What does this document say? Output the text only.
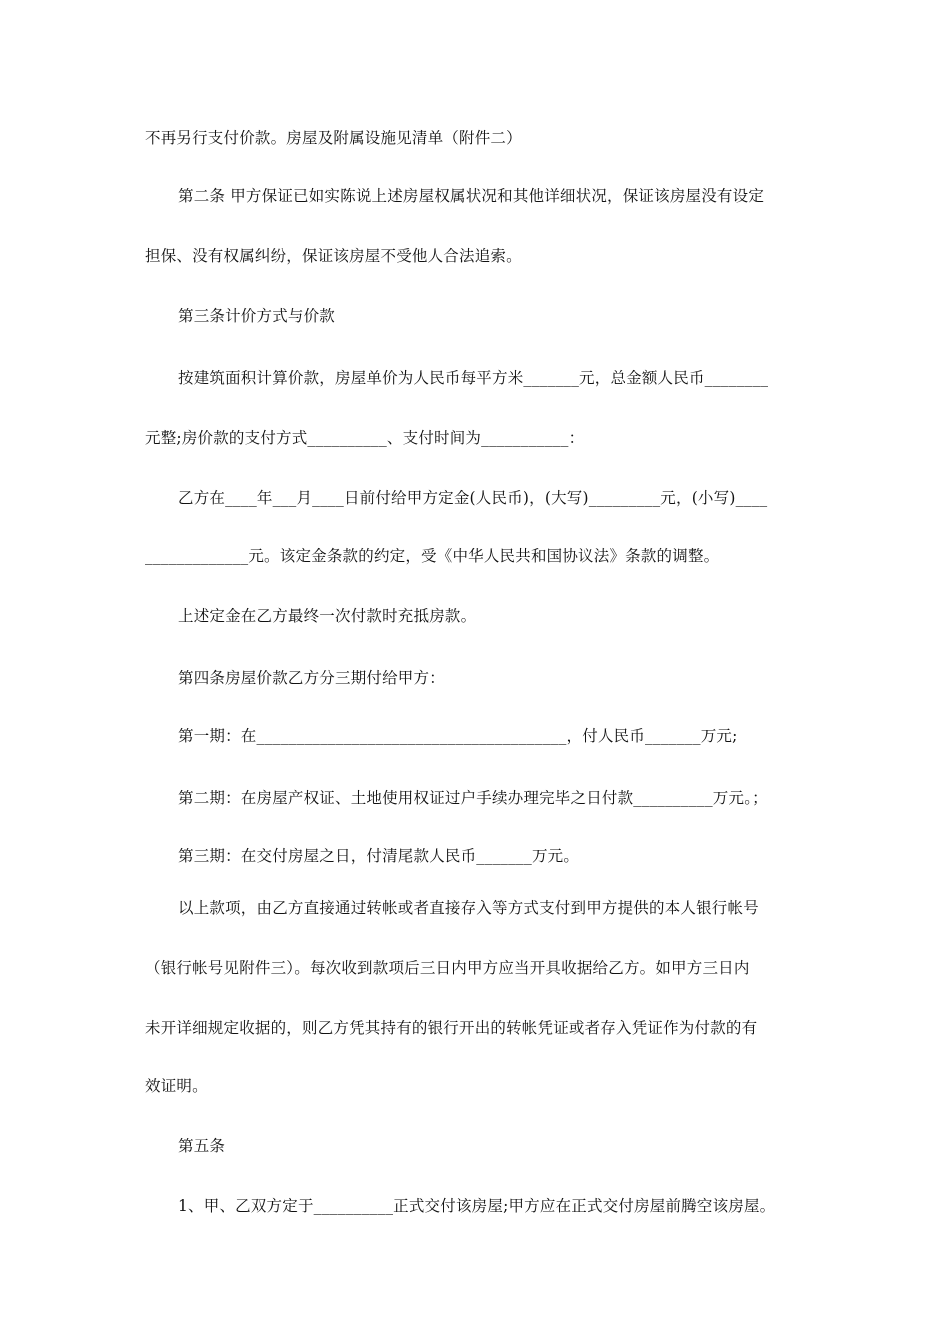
不再另行支付价款。房屋及附属设施见清单（附件二）
第二条 甲方保证已如实陈说上述房屋权属状况和其他详细状况，保证该房屋没有设定
担保、没有权属纠纷，保证该房屋不受他人合法追索。
第三条计价方式与价款
按建筑面积计算价款，房屋单价为人民币每平方米_______元，总金额人民币________
元整;房价款的支付方式__________、支付时间为___________：
乙方在____年___月____日前付给甲方定金(人民币)，(大写)_________元，(小写)____
_____________元。该定金条款的约定，受《中华人民共和国协议法》条款的调整。
上述定金在乙方最终一次付款时充抵房款。
第四条房屋价款乙方分三期付给甲方：
第一期：在_______________________________________，付人民币_______万元;
第二期：在房屋产权证、土地使用权证过户手续办理完毕之日付款__________万元。；
第三期：在交付房屋之日，付清尾款人民币_______万元。
以上款项，由乙方直接通过转帐或者直接存入等方式支付到甲方提供的本人银行帐号
（银行帐号见附件三）。每次收到款项后三日内甲方应当开具收据给乙方。如甲方三日内
未开详细规定收据的，则乙方凭其持有的银行开出的转帐凭证或者存入凭证作为付款的有
效证明。
第五条
1、甲、乙双方定于__________正式交付该房屋;甲方应在正式交付房屋前腾空该房屋。
